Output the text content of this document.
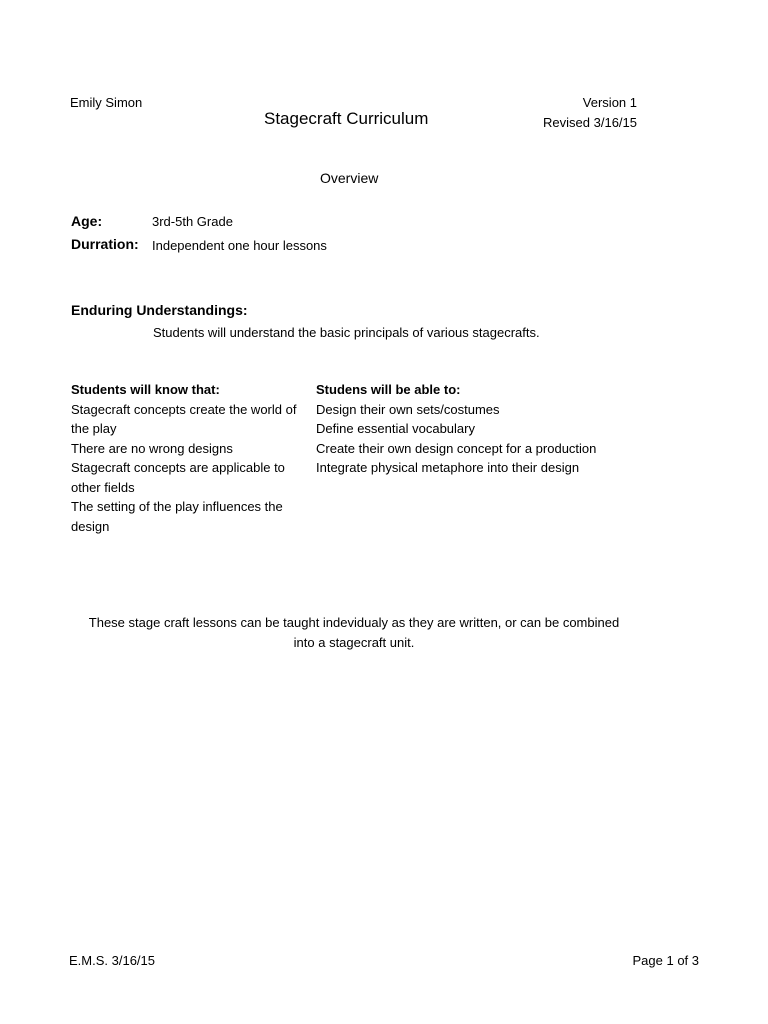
Emily Simon
Stagecraft Curriculum
Version 1
Revised 3/16/15
Overview
Age:	3rd-5th Grade
Durration: Independent one hour lessons
Enduring Understandings:
Students will understand the basic principals of various stagecrafts.
Students will know that:
Stagecraft concepts create the world of the play
There are no wrong designs
Stagecraft concepts are applicable to other fields
The setting of the play influences the design
Studens will be able to:
Design their own sets/costumes
Define essential vocabulary
Create their own design concept for a production
Integrate physical metaphore into their design
These stage craft lessons can be taught indevidualy as they are written, or can be combined
into a stagecraft unit.
E.M.S. 3/16/15	Page 1 of 3
